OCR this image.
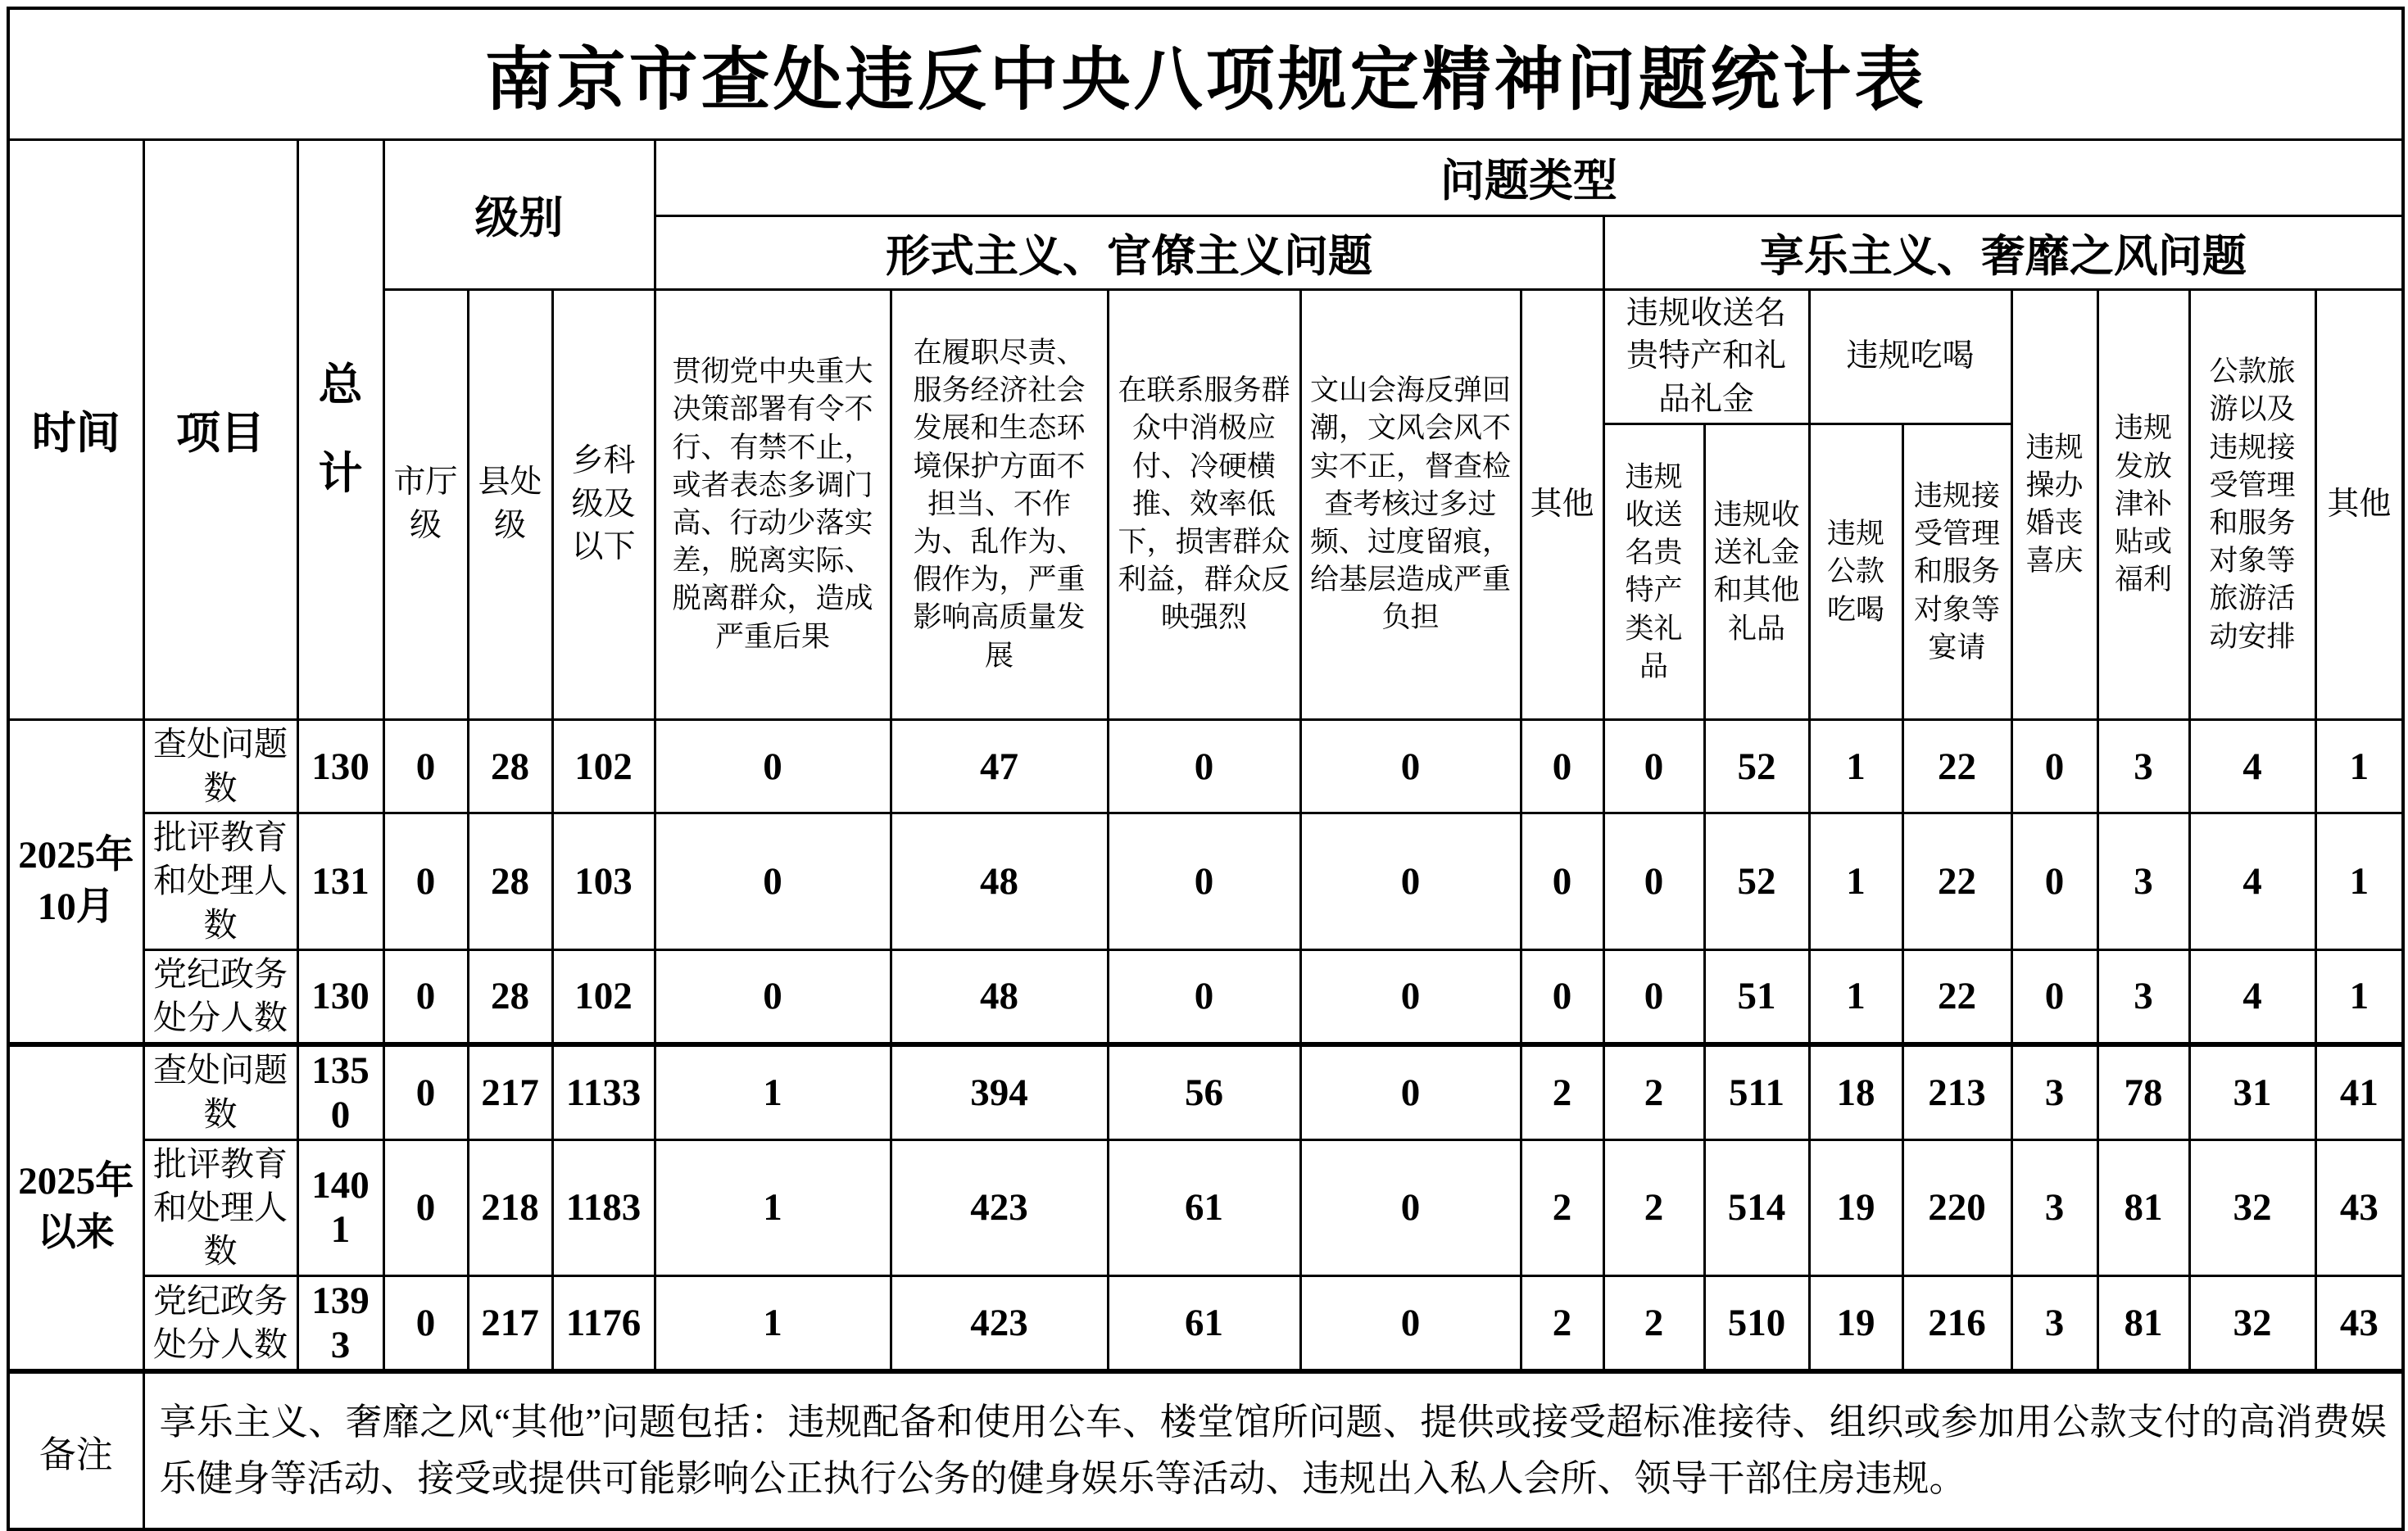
南京市查处违反中央八项规定精神问题统计表																		
时间	项目	总计	级别			问题类型												
						形式主义、官僚主义问题					享乐主义、奢靡之风问题							
			市厅级	县处级	乡科级及以下	贯彻党中央重大决策部署有令不行、有禁不止，或者表态多调门高、行动少落实差，脱离实际、脱离群众，造成严重后果	在履职尽责、服务经济社会发展和生态环境保护方面不担当、不作为、乱作为、假作为，严重影响高质量发展	在联系服务群众中消极应付、冷硬横推、效率低下，损害群众利益，群众反映强烈	文山会海反弹回潮，文风会风不实不正，督查检查考核过多过频、过度留痕，给基层造成严重负担	其他	违规收送名贵特产和礼品礼金		违规吃喝		违规操办婚丧喜庆	违规发放津补贴或福利	公款旅游以及违规接受管理和服务对象等旅游活动安排	其他
											违规收送名贵特产类礼品	违规收送礼金和其他礼品	违规公款吃喝	违规接受管理和服务对象等宴请				
2025年10月	查处问题数	130	0	28	102	0	47	0	0	0	0	52	1	22	0	3	4	1
	批评教育和处理人数	131	0	28	103	0	48	0	0	0	0	52	1	22	0	3	4	1
	党纪政务处分人数	130	0	28	102	0	48	0	0	0	0	51	1	22	0	3	4	1
2025年以来	查处问题数	1350	0	217	1133	1	394	56	0	2	2	511	18	213	3	78	31	41
	批评教育和处理人数	1401	0	218	1183	1	423	61	0	2	2	514	19	220	3	81	32	43
	党纪政务处分人数	1393	0	217	1176	1	423	61	0	2	2	510	19	216	3	81	32	43
备注	享乐主义、奢靡之风“其他”问题包括：违规配备和使用公车、楼堂馆所问题、提供或接受超标准接待、组织或参加用公款支付的高消费娱乐健身等活动、接受或提供可能影响公正执行公务的健身娱乐等活动、违规出入私人会所、领导干部住房违规。																	
